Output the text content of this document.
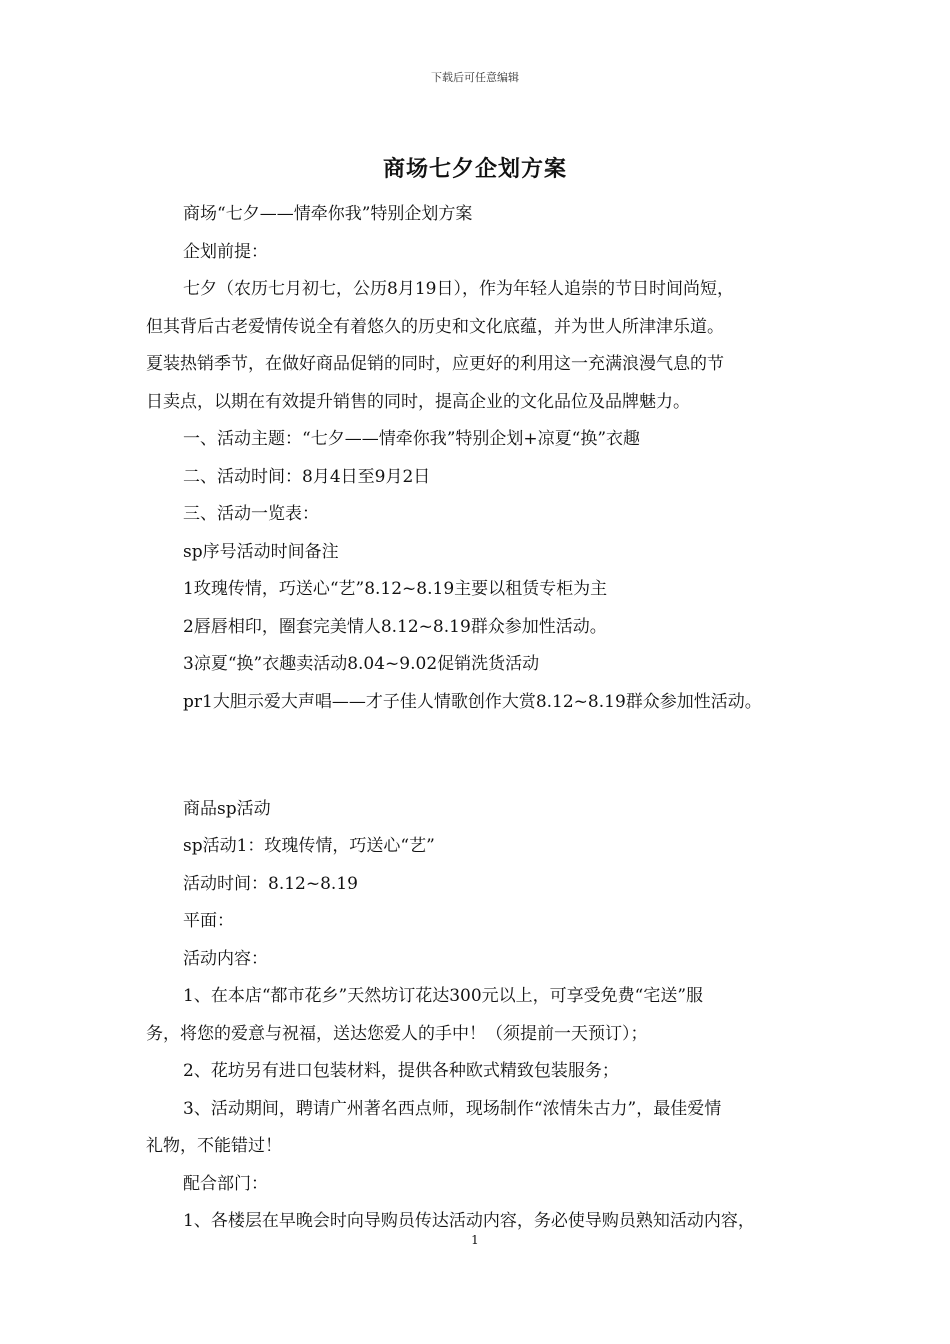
下载后可任意编辑
商场七夕企划方案

商场“七夕——情牵你我”特别企划方案

企划前提：

七夕（农历七月初七，公历8月19日），作为年轻人追崇的节日时间尚短，

但其背后古老爱情传说全有着悠久的历史和文化底蕴，并为世人所津津乐道。

夏装热销季节，在做好商品促销的同时，应更好的利用这一充满浪漫气息的节

日卖点，以期在有效提升销售的同时，提高企业的文化品位及品牌魅力。

一、活动主题：“七夕——情牵你我”特别企划+凉夏“换”衣趣

二、活动时间：8月4日至9月2日

三、活动一览表：

sp序号活动时间备注

1玫瑰传情，巧送心“艺”8.12~8.19主要以租赁专柜为主

2唇唇相印，圈套完美情人8.12~8.19群众参加性活动。

3凉夏“换”衣趣卖活动8.04~9.02促销洗货活动

pr1大胆示爱大声唱——才子佳人情歌创作大赏8.12~8.19群众参加性活动。

商品sp活动

sp活动1：玫瑰传情，巧送心“艺”

活动时间：8.12~8.19

平面：

活动内容：

1、在本店“都市花乡”天然坊订花达300元以上，可享受免费“宅送”服

务，将您的爱意与祝福，送达您爱人的手中！（须提前一天预订）；

2、花坊另有进口包装材料，提供各种欧式精致包装服务；

3、活动期间，聘请广州著名西点师，现场制作“浓情朱古力”，最佳爱情

礼物，不能错过！

配合部门：

1、各楼层在早晚会时向导购员传达活动内容，务必使导购员熟知活动内容，

1
